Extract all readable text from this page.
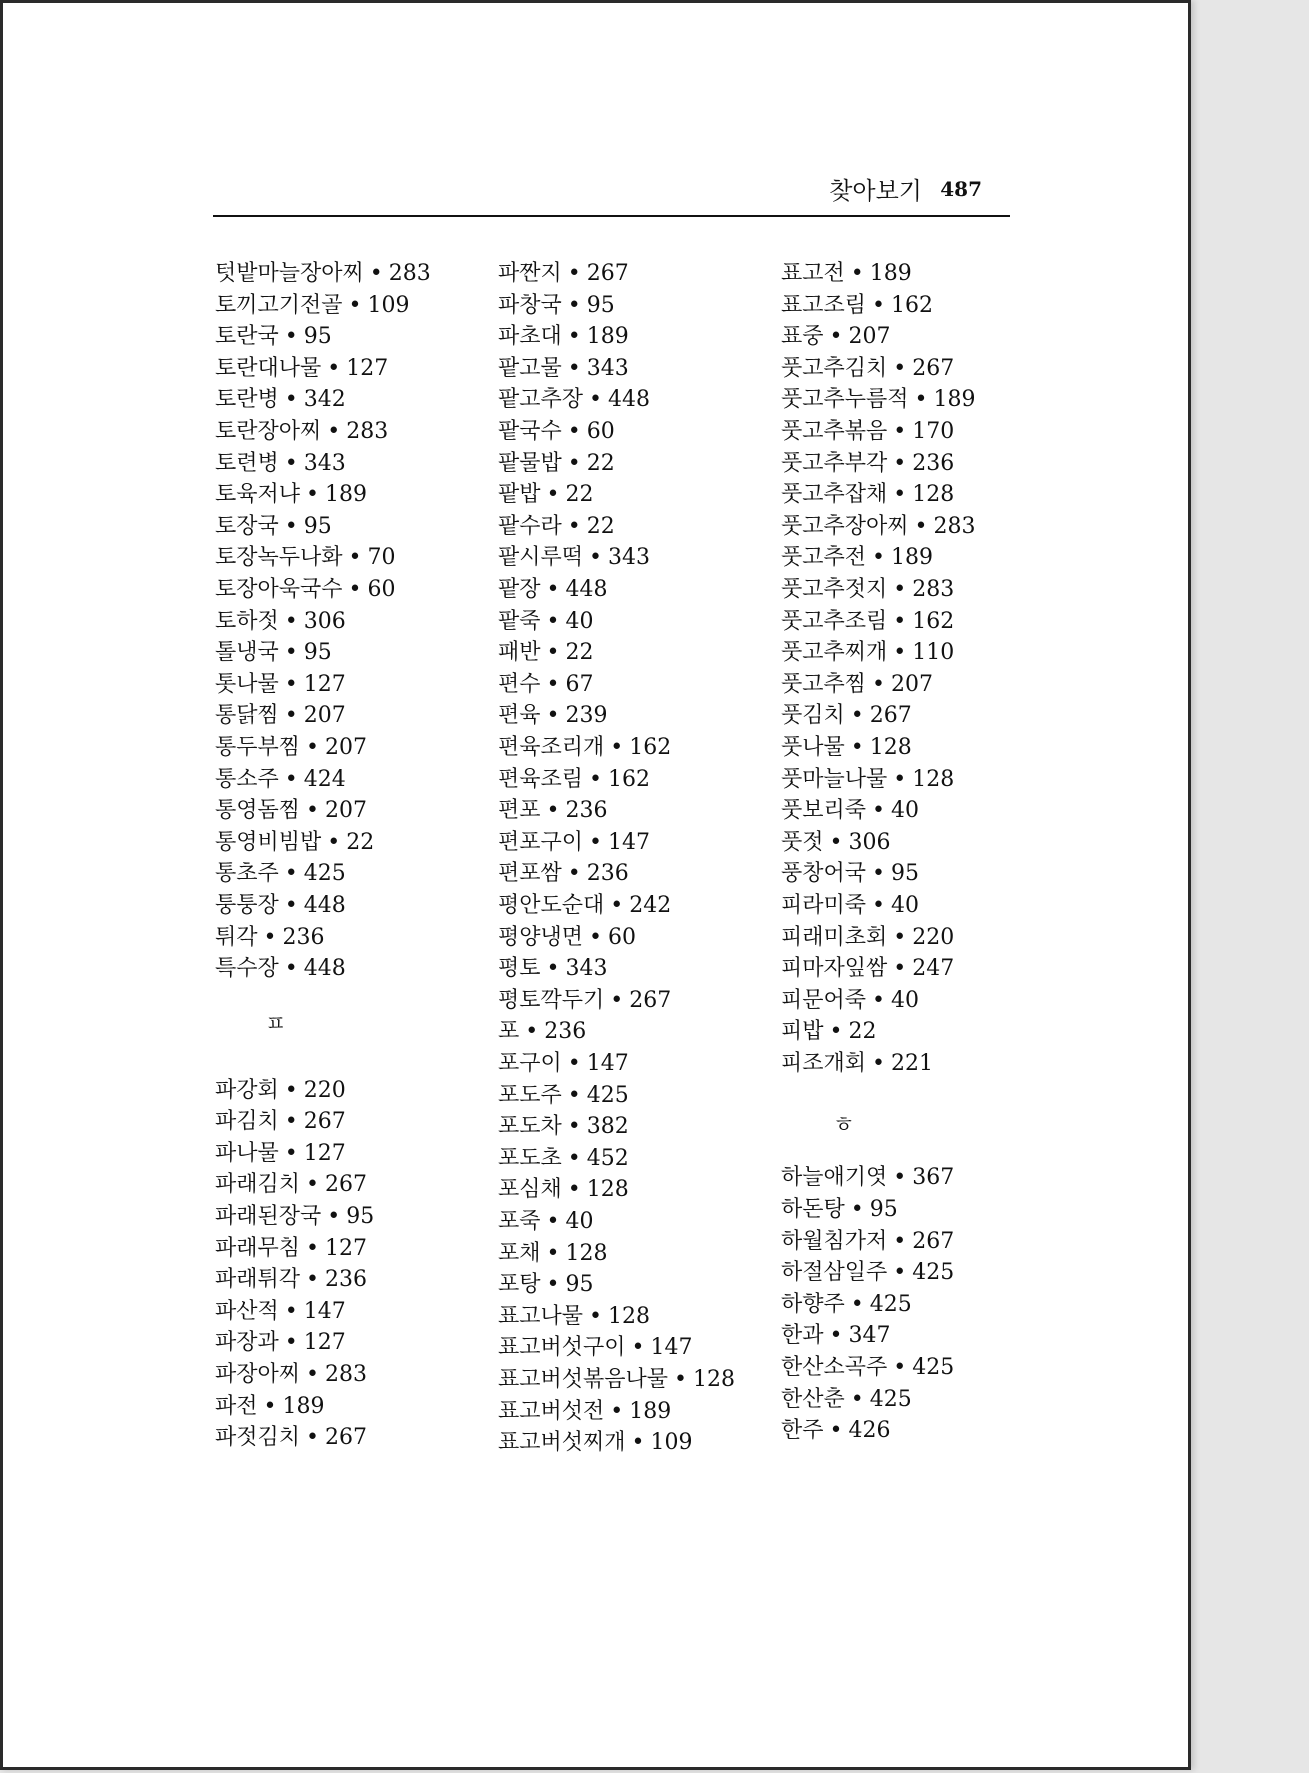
찾아보기 487
텃밭마늘장아찌 • 283
토끼고기전골 • 109
토란국 • 95
토란대나물 • 127
토란병 • 342
토란장아찌 • 283
토련병 • 343
토육저냐 • 189
토장국 • 95
토장녹두나화 • 70
토장아욱국수 • 60
토하젓 • 306
톨냉국 • 95
톳나물 • 127
통닭찜 • 207
통두부찜 • 207
통소주 • 424
통영돔찜 • 207
통영비빔밥 • 22
통초주 • 425
퉁퉁장 • 448
튀각 • 236
특수장 • 448
ㅍ
파강회 • 220
파김치 • 267
파나물 • 127
파래김치 • 267
파래된장국 • 95
파래무침 • 127
파래튀각 • 236
파산적 • 147
파장과 • 127
파장아찌 • 283
파전 • 189
파젓김치 • 267
파짠지 • 267
파창국 • 95
파초대 • 189
팥고물 • 343
팥고추장 • 448
팥국수 • 60
팥물밥 • 22
팥밥 • 22
팥수라 • 22
팥시루떡 • 343
팥장 • 448
팥죽 • 40
패반 • 22
편수 • 67
편육 • 239
편육조리개 • 162
편육조림 • 162
편포 • 236
편포구이 • 147
편포쌈 • 236
평안도순대 • 242
평양냉면 • 60
평토 • 343
평토깍두기 • 267
포 • 236
포구이 • 147
포도주 • 425
포도차 • 382
포도초 • 452
포심채 • 128
포죽 • 40
포채 • 128
포탕 • 95
표고나물 • 128
표고버섯구이 • 147
표고버섯볶음나물 • 128
표고버섯전 • 189
표고버섯찌개 • 109
표고전 • 189
표고조림 • 162
표중 • 207
풋고추김치 • 267
풋고추누름적 • 189
풋고추볶음 • 170
풋고추부각 • 236
풋고추잡채 • 128
풋고추장아찌 • 283
풋고추전 • 189
풋고추젓지 • 283
풋고추조림 • 162
풋고추찌개 • 110
풋고추찜 • 207
풋김치 • 267
풋나물 • 128
풋마늘나물 • 128
풋보리죽 • 40
풋젓 • 306
풍창어국 • 95
피라미죽 • 40
피래미초회 • 220
피마자잎쌈 • 247
피문어죽 • 40
피밥 • 22
피조개회 • 221
ㅎ
하늘애기엿 • 367
하돈탕 • 95
하월침가저 • 267
하절삼일주 • 425
하향주 • 425
한과 • 347
한산소곡주 • 425
한산춘 • 425
한주 • 426
